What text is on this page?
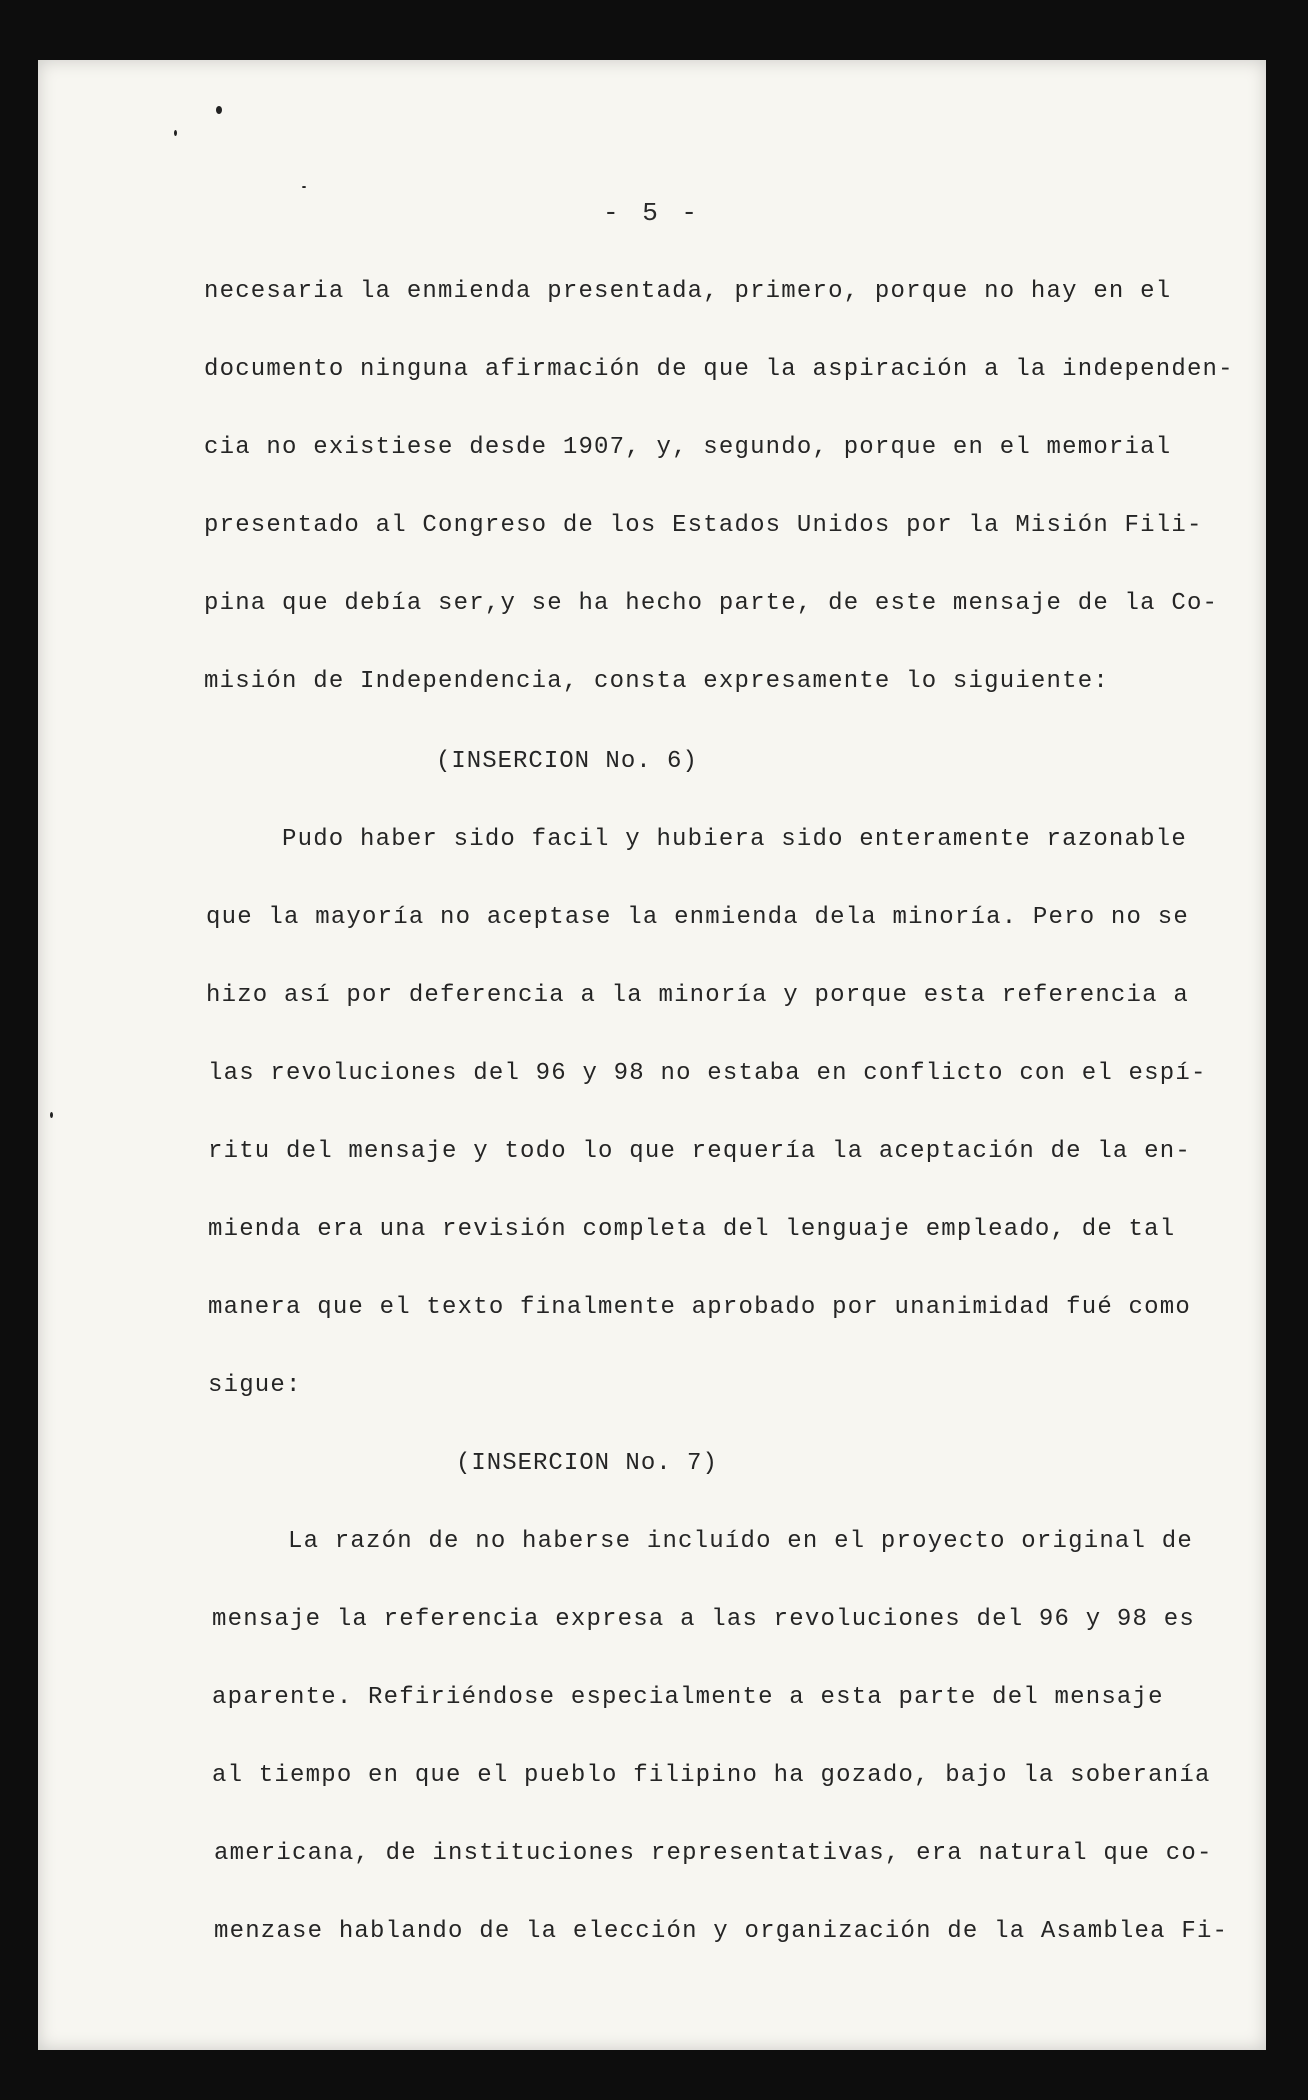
- 5 -
necesaria la enmienda presentada, primero, porque no hay en el
documento ninguna afirmación de que la aspiración a la independen-
cia no existiese desde 1907, y, segundo, porque en el memorial
presentado al Congreso de los Estados Unidos por la Misión Fili-
pina que debía ser,y se ha hecho parte, de este mensaje de la Co-
misión de Independencia, consta expresamente lo siguiente:
(INSERCION No. 6)
Pudo haber sido facil y hubiera sido enteramente razonable
que la mayoría no aceptase la enmienda dela minoría. Pero no se
hizo así por deferencia a la minoría y porque esta referencia a
las revoluciones del 96 y 98 no estaba en conflicto con el espí-
ritu del mensaje y todo lo que requería la aceptación de la en-
mienda era una revisión completa del lenguaje empleado, de tal
manera que el texto finalmente aprobado por unanimidad fué como
sigue:
(INSERCION No. 7)
La razón de no haberse incluído en el proyecto original de
mensaje la referencia expresa a las revoluciones del 96 y 98 es
aparente. Refiriéndose especialmente a esta parte del mensaje
al tiempo en que el pueblo filipino ha gozado, bajo la soberanía
americana, de instituciones representativas, era natural que co-
menzase hablando de la elección y organización de la Asamblea Fi-
